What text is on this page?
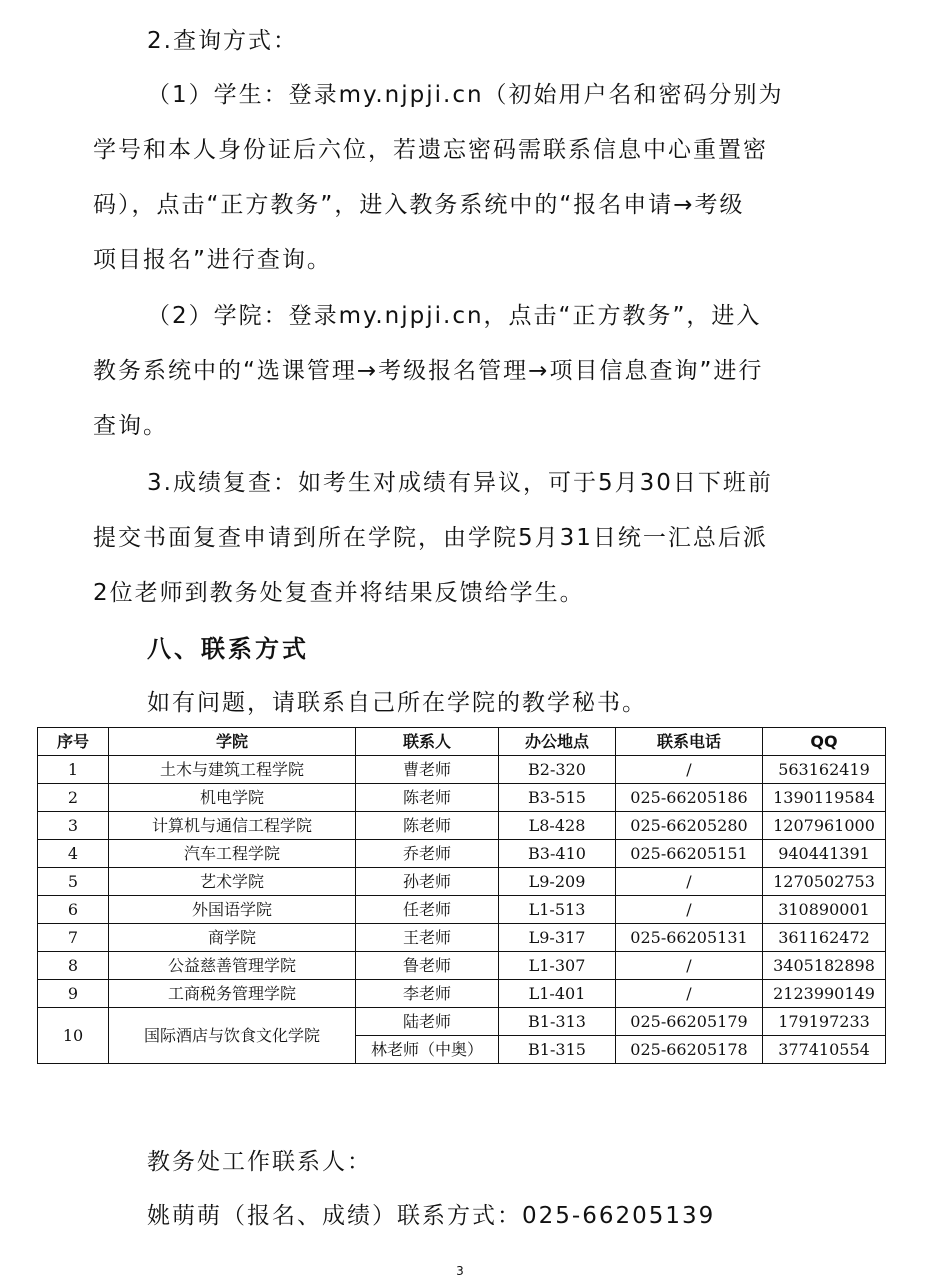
2.查询方式：
（1）学生：登录my.njpji.cn（初始用户名和密码分别为
学号和本人身份证后六位，若遗忘密码需联系信息中心重置密
码），点击“正方教务”，进入教务系统中的“报名申请→考级
项目报名”进行查询。
（2）学院：登录my.njpji.cn，点击“正方教务”，进入
教务系统中的“选课管理→考级报名管理→项目信息查询”进行
查询。
3.成绩复查：如考生对成绩有异议，可于5月30日下班前
提交书面复查申请到所在学院，由学院5月31日统一汇总后派
2位老师到教务处复查并将结果反馈给学生。
八、联系方式
如有问题，请联系自己所在学院的教学秘书。
序号	学院	联系人	办公地点	联系电话	QQ
1	土木与建筑工程学院	曹老师	B2-320	/	563162419
2	机电学院	陈老师	B3-515	025-66205186	1390119584
3	计算机与通信工程学院	陈老师	L8-428	025-66205280	1207961000
4	汽车工程学院	乔老师	B3-410	025-66205151	940441391
5	艺术学院	孙老师	L9-209	/	1270502753
6	外国语学院	任老师	L1-513	/	310890001
7	商学院	王老师	L9-317	025-66205131	361162472
8	公益慈善管理学院	鲁老师	L1-307	/	3405182898
9	工商税务管理学院	李老师	L1-401	/	2123990149
10	国际酒店与饮食文化学院	陆老师	B1-313	025-66205179	179197233
		林老师（中奥）	B1-315	025-66205178	377410554
教务处工作联系人：
姚萌萌（报名、成绩）联系方式：025-66205139
3
